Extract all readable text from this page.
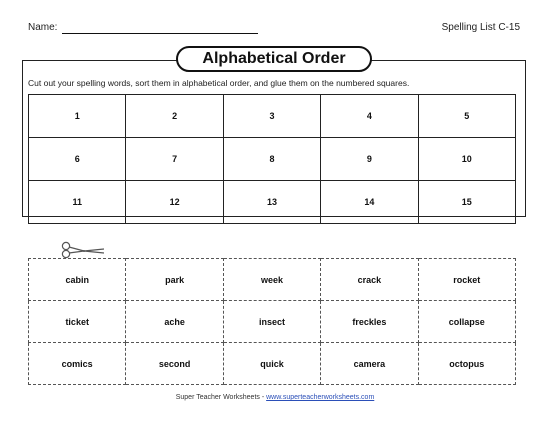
Name:	Spelling List C-15
Alphabetical Order
Cut out your spelling words, sort them in alphabetical order, and glue them on the numbered squares.
1	2	3	4	5
6	7	8	9	10
11	12	13	14	15
cabin	park	week	crack	rocket
ticket	ache	insect	freckles	collapse
comics	second	quick	camera	octopus
Super Teacher Worksheets - www.superteacherworksheets.com
